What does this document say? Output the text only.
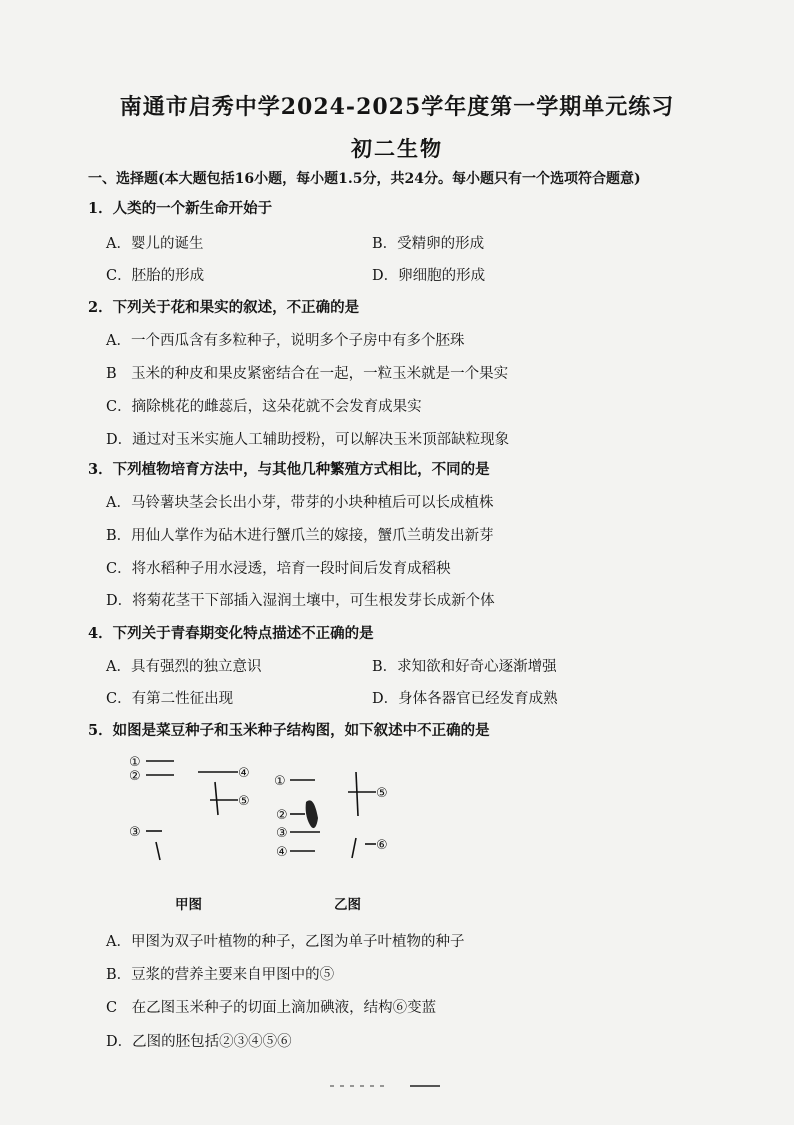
南通市启秀中学2024-2025学年度第一学期单元练习
初二生物
一、选择题(本大题包括16小题，每小题1.5分，共24分。每小题只有一个选项符合题意)
1．人类的一个新生命开始于
A．婴儿的诞生	B．受精卵的形成
C．胚胎的形成	D．卵细胞的形成
2．下列关于花和果实的叙述，不正确的是
A．一个西瓜含有多粒种子，说明多个子房中有多个胚珠
B　玉米的种皮和果皮紧密结合在一起，一粒玉米就是一个果实
C．摘除桃花的雌蕊后，这朵花就不会发育成果实
D．通过对玉米实施人工辅助授粉，可以解决玉米顶部缺粒现象
3．下列植物培育方法中，与其他几种繁殖方式相比，不同的是
A．马铃薯块茎会长出小芽，带芽的小块种植后可以长成植株
B．用仙人掌作为砧木进行蟹爪兰的嫁接，蟹爪兰萌发出新芽
C．将水稻种子用水浸透，培育一段时间后发育成稻秧
D．将菊花茎干下部插入湿润土壤中，可生根发芽长成新个体
4．下列关于青春期变化特点描述不正确的是
A．具有强烈的独立意识	B．求知欲和好奇心逐渐增强
C．有第二性征出现	D．身体各器官已经发育成熟
5．如图是菜豆种子和玉米种子结构图，如下叙述中不正确的是
①
②
③
④
⑤
①
②
③
④
⑤
⑥
甲图	乙图
A．甲图为双子叶植物的种子，乙图为单子叶植物的种子
B．豆浆的营养主要来自甲图中的⑤
C　在乙图玉米种子的切面上滴加碘液，结构⑥变蓝
D．乙图的胚包括②③④⑤⑥
